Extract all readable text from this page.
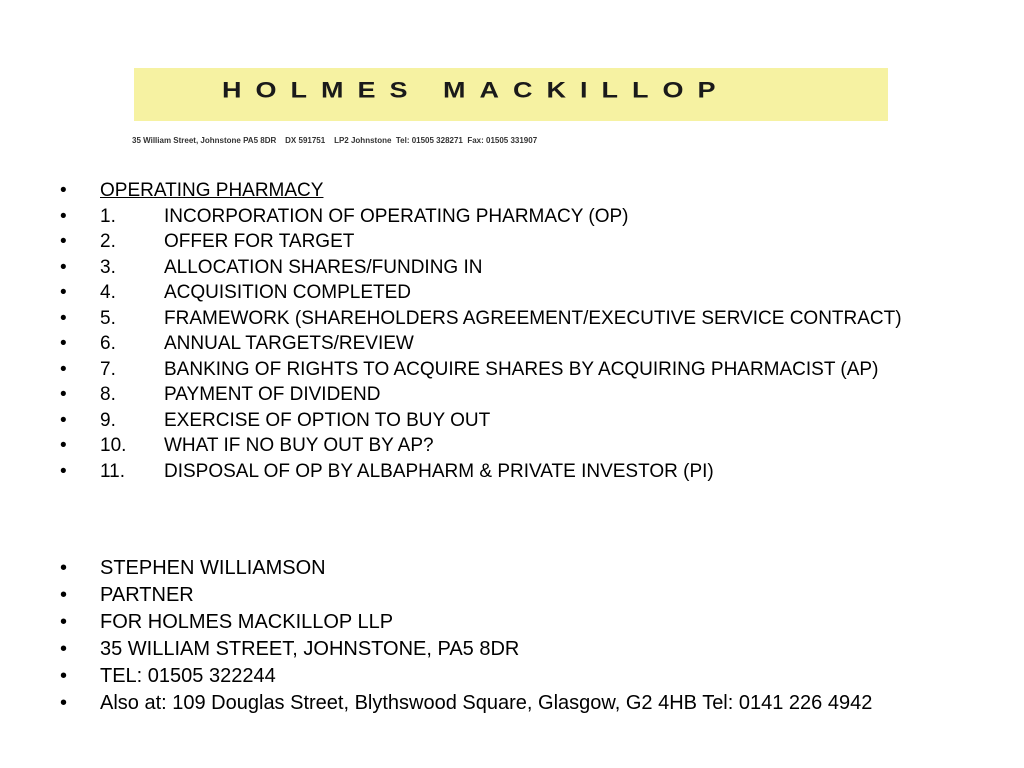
HOLMES MACKILLOP
35 William Street, Johnstone PA5 8DR    DX 591751    LP2 Johnstone  Tel: 01505 328271  Fax: 01505 331907
• OPERATING PHARMACY
• 1.	INCORPORATION OF OPERATING PHARMACY (OP)
• 2.	OFFER FOR TARGET
• 3.	ALLOCATION SHARES/FUNDING IN
• 4.	ACQUISITION COMPLETED
• 5.	FRAMEWORK (SHAREHOLDERS AGREEMENT/EXECUTIVE SERVICE CONTRACT)
• 6.	ANNUAL TARGETS/REVIEW
• 7.	BANKING OF RIGHTS TO ACQUIRE SHARES BY ACQUIRING PHARMACIST (AP)
• 8.	PAYMENT OF DIVIDEND
• 9.	EXERCISE OF OPTION TO BUY OUT
• 10. WHAT IF NO BUY OUT BY AP?
• 11. DISPOSAL OF OP BY ALBAPHARM & PRIVATE INVESTOR (PI)
• STEPHEN WILLIAMSON
• PARTNER
• FOR HOLMES MACKILLOP LLP
• 35 WILLIAM STREET, JOHNSTONE, PA5 8DR
• TEL: 01505 322244
• Also at: 109 Douglas Street, Blythswood Square, Glasgow, G2 4HB Tel: 0141 226 4942
